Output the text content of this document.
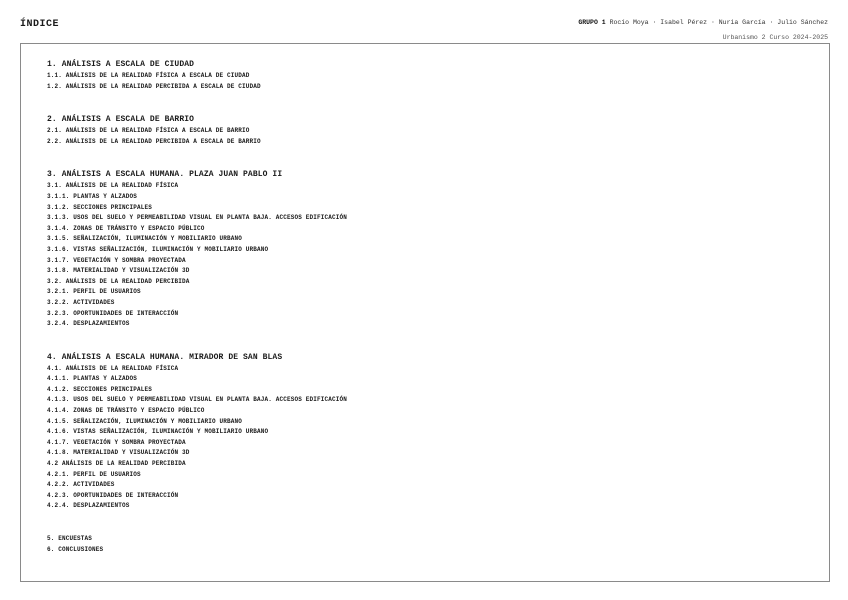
ÍNDICE	GRUPO 1 Rocío Moya · Isabel Pérez · Nuria García · Julio Sánchez
Urbanismo 2 Curso 2024-2025
1. ANÁLISIS A ESCALA DE CIUDAD
1.1. ANÁLISIS DE LA REALIDAD FÍSICA A ESCALA DE CIUDAD
1.2. ANÁLISIS DE LA REALIDAD PERCIBIDA A ESCALA DE CIUDAD
2. ANÁLISIS A ESCALA DE BARRIO
2.1. ANÁLISIS DE LA REALIDAD FÍSICA A ESCALA DE BARRIO
2.2. ANÁLISIS DE LA REALIDAD PERCIBIDA A ESCALA DE BARRIO
3. ANÁLISIS A ESCALA HUMANA. PLAZA JUAN PABLO II
3.1. ANÁLISIS DE LA REALIDAD FÍSICA
3.1.1. PLANTAS Y ALZADOS
3.1.2. SECCIONES PRINCIPALES
3.1.3. USOS DEL SUELO Y PERMEABILIDAD VISUAL EN PLANTA BAJA. ACCESOS EDIFICACIÓN
3.1.4. ZONAS DE TRÁNSITO Y ESPACIO PÚBLICO
3.1.5. SEÑALIZACIÓN, ILUMINACIÓN Y MOBILIARIO URBANO
3.1.6. VISTAS SEÑALIZACIÓN, ILUMINACIÓN Y MOBILIARIO URBANO
3.1.7. VEGETACIÓN Y SOMBRA PROYECTADA
3.1.8. MATERIALIDAD Y VISUALIZACIÓN 3D
3.2. ANÁLISIS DE LA REALIDAD PERCIBIDA
3.2.1. PERFIL DE USUARIOS
3.2.2. ACTIVIDADES
3.2.3. OPORTUNIDADES DE INTERACCIÓN
3.2.4. DESPLAZAMIENTOS
4. ANÁLISIS A ESCALA HUMANA. MIRADOR DE SAN BLAS
4.1. ANÁLISIS DE LA REALIDAD FÍSICA
4.1.1. PLANTAS Y ALZADOS
4.1.2. SECCIONES PRINCIPALES
4.1.3. USOS DEL SUELO Y PERMEABILIDAD VISUAL EN PLANTA BAJA. ACCESOS EDIFICACIÓN
4.1.4. ZONAS DE TRÁNSITO Y ESPACIO PÚBLICO
4.1.5. SEÑALIZACIÓN, ILUMINACIÓN Y MOBILIARIO URBANO
4.1.6. VISTAS SEÑALIZACIÓN, ILUMINACIÓN Y MOBILIARIO URBANO
4.1.7. VEGETACIÓN Y SOMBRA PROYECTADA
4.1.8. MATERIALIDAD Y VISUALIZACIÓN 3D
4.2 ANÁLISIS DE LA REALIDAD PERCIBIDA
4.2.1. PERFIL DE USUARIOS
4.2.2. ACTIVIDADES
4.2.3. OPORTUNIDADES DE INTERACCIÓN
4.2.4. DESPLAZAMIENTOS
5. ENCUESTAS
6. CONCLUSIONES
